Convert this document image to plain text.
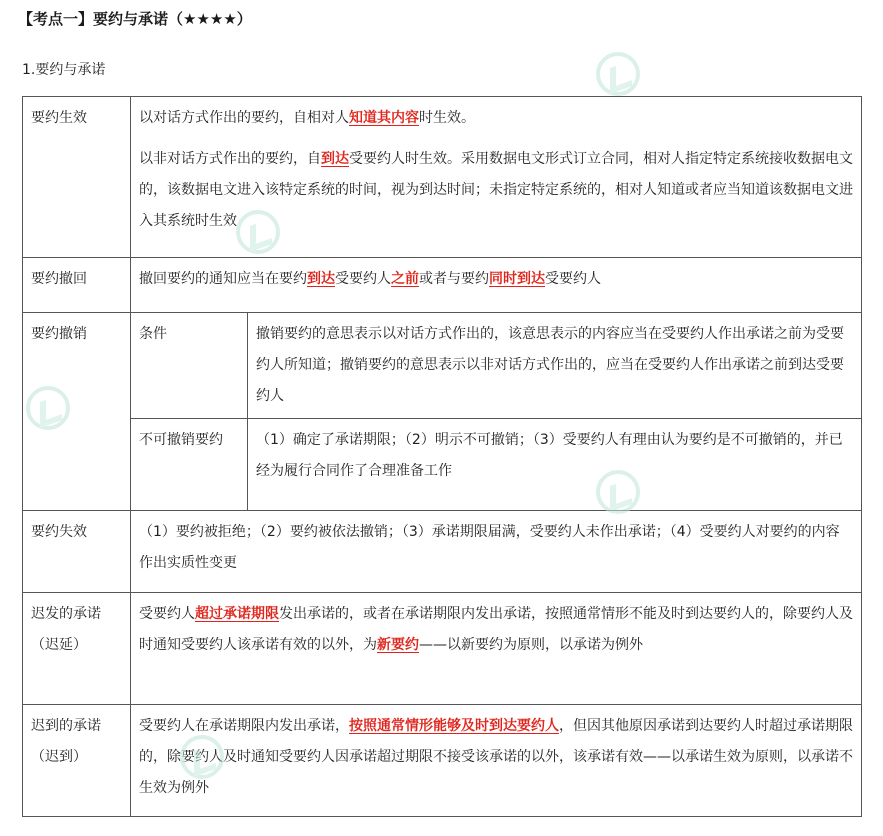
【考点一】要约与承诺（★★★★）
1.要约与承诺
要约生效	以对话方式作出的要约，自相对人知道其内容时生效。

以非对话方式作出的要约，自到达受要约人时生效。采用数据电文形式订立合同，相对人指定特定系统接收数据电文的，该数据电文进入该特定系统的时间，视为到达时间；未指定特定系统的，相对人知道或者应当知道该数据电文进入其系统时生效

要约撤回	撤回要约的通知应当在要约到达受要约人之前或者与要约同时到达受要约人
要约撤销		条件	撤销要约的意思表示以对话方式作出的，该意思表示的内容应当在受要约人作出承诺之前为受要约人所知道；撤销要约的意思表示以非对话方式作出的，应当在受要约人作出承诺之前到达受要约人
不可撤销要约	（1）确定了承诺期限；（2）明示不可撤销；（3）受要约人有理由认为要约是不可撤销的，并已经为履行合同作了合理准备工作

要约失效	（1）要约被拒绝；（2）要约被依法撤销；（3）承诺期限届满，受要约人未作出承诺；（4）受要约人对要约的内容作出实质性变更
迟发的承诺（迟延）	受要约人超过承诺期限发出承诺的，或者在承诺期限内发出承诺，按照通常情形不能及时到达要约人的，除要约人及时通知受要约人该承诺有效的以外，为新要约——以新要约为原则，以承诺为例外
迟到的承诺（迟到）	受要约人在承诺期限内发出承诺，按照通常情形能够及时到达要约人，但因其他原因承诺到达要约人时超过承诺期限的，除要约人及时通知受要约人因承诺超过期限不接受该承诺的以外，该承诺有效——以承诺生效为原则，以承诺不生效为例外
